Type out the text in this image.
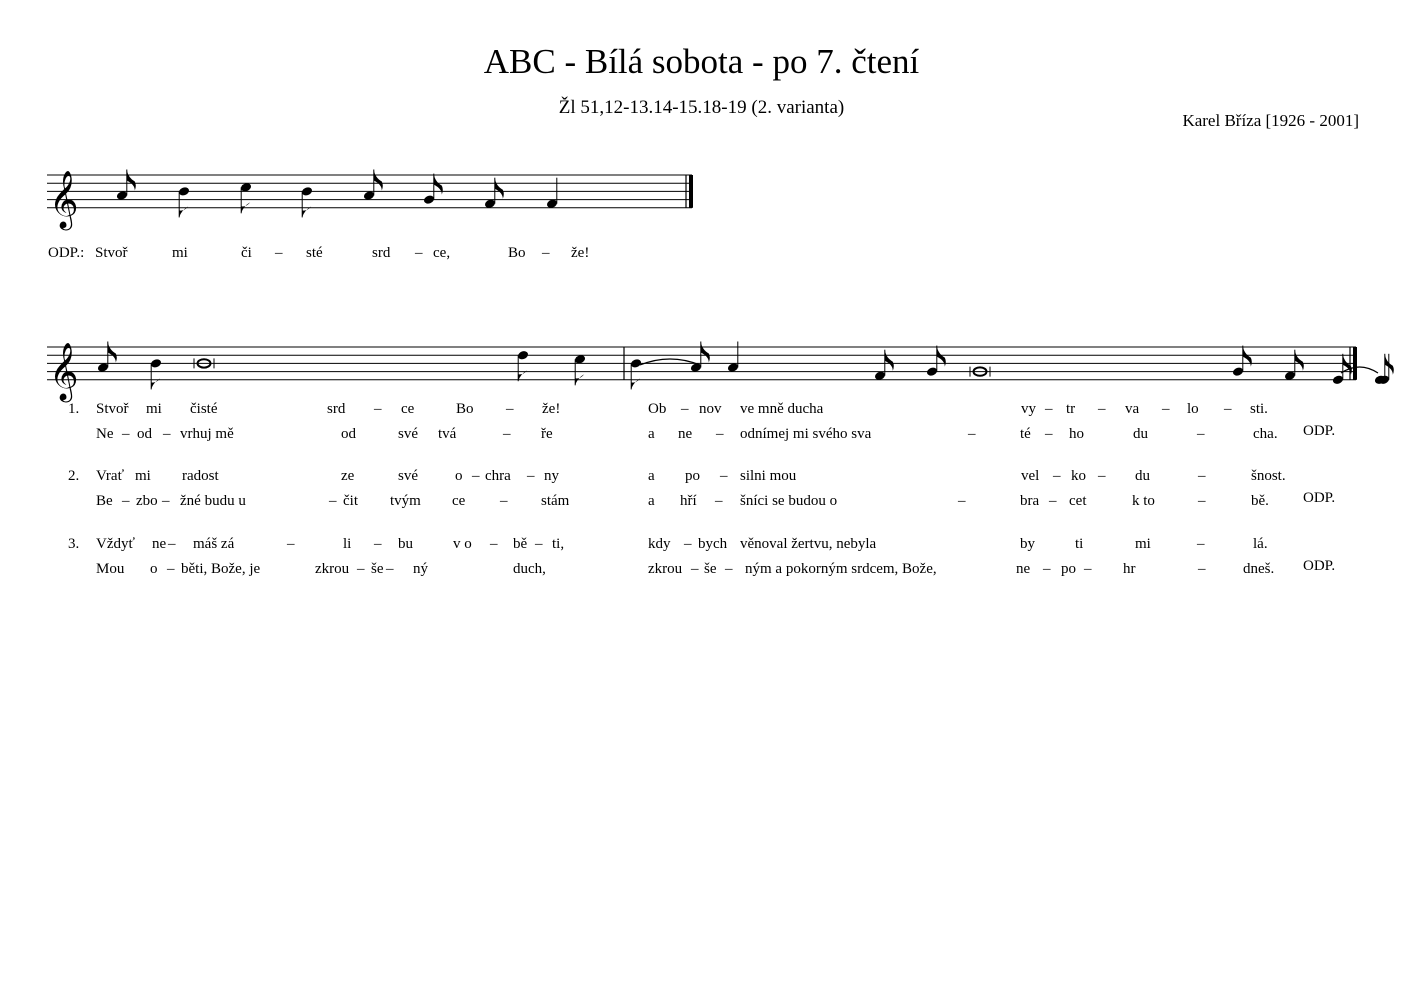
ABC - Bílá sobota - po 7. čtení
Žl 51,12-13.14-15.18-19 (2. varianta)
Karel Bříza [1926 - 2001]
𝄞
𝄞
ODP.: Stvoř	mi	či – sté	srd – ce,	Bo – že!
1. Stvoř mi čisté	srd – ce	Bo – že!	Ob – nov ve mně ducha	vy – tr – va – lo – sti.
Ne – od – vrhuj mě	od	své tvá	– ře	a ne – odnímej mi svého sva	–	té – ho	du	–	cha. ODP.
2. Vrať mi radost	ze	své o – chra – ny	a po – silni mou	vel – ko – du	–	šnost.
Be – zbo – žné budu u	– čit tvým ce – stám	a hří – šníci se budou o	–	bra – cet	k to	–	bě. ODP.
3. Vždyť ne – máš zá	–	li – bu	v o – bě – ti,	kdy – bych věnoval žertvu, nebyla	by	ti	mi	–	lá.
Mou o – běti, Bože, je	zkrou – še – ný	duch,	zkrou – še – ným a pokorným srdcem, Bože,	ne – po – hr	–	dneš. ODP.
